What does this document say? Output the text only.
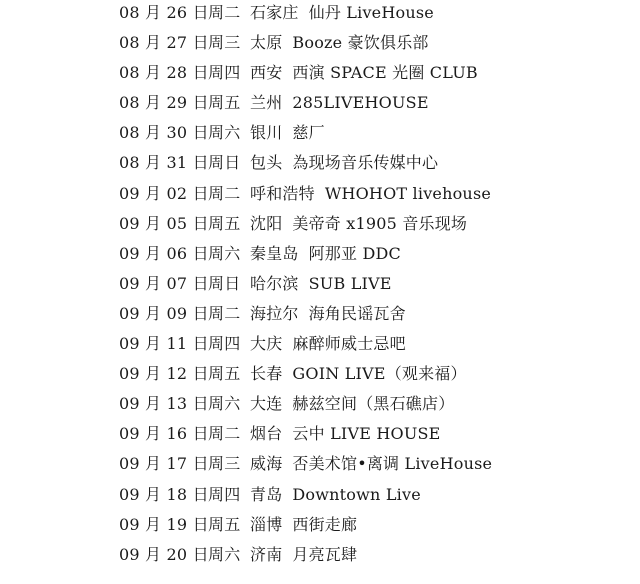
08 月 26 日 周二 石家庄 仙丹 LiveHouse
08 月 27 日 周三 太原 Booze 豪饮俱乐部
08 月 28 日 周四 西安 西演 SPACE 光圈 CLUB
08 月 29 日 周五 兰州 285LIVEHOUSE
08 月 30 日 周六 银川 慈厂
08 月 31 日 周日 包头 為现场音乐传媒中心
09 月 02 日 周二 呼和浩特 WHOHOT livehouse
09 月 05 日 周五 沈阳 美帝奇 x1905 音乐现场
09 月 06 日 周六 秦皇岛 阿那亚 DDC
09 月 07 日 周日 哈尔滨 SUB LIVE
09 月 09 日 周二 海拉尔 海角民谣瓦舍
09 月 11 日 周四 大庆 麻醉师威士忌吧
09 月 12 日 周五 长春 GOIN LIVE（观来福）
09 月 13 日 周六 大连 赫兹空间（黑石礁店）
09 月 16 日 周二 烟台 云中 LIVE HOUSE
09 月 17 日 周三 威海 否美术馆•离调 LiveHouse
09 月 18 日 周四 青岛 Downtown Live
09 月 19 日 周五 淄博 西街走廊
09 月 20 日 周六 济南 月亮瓦肆
